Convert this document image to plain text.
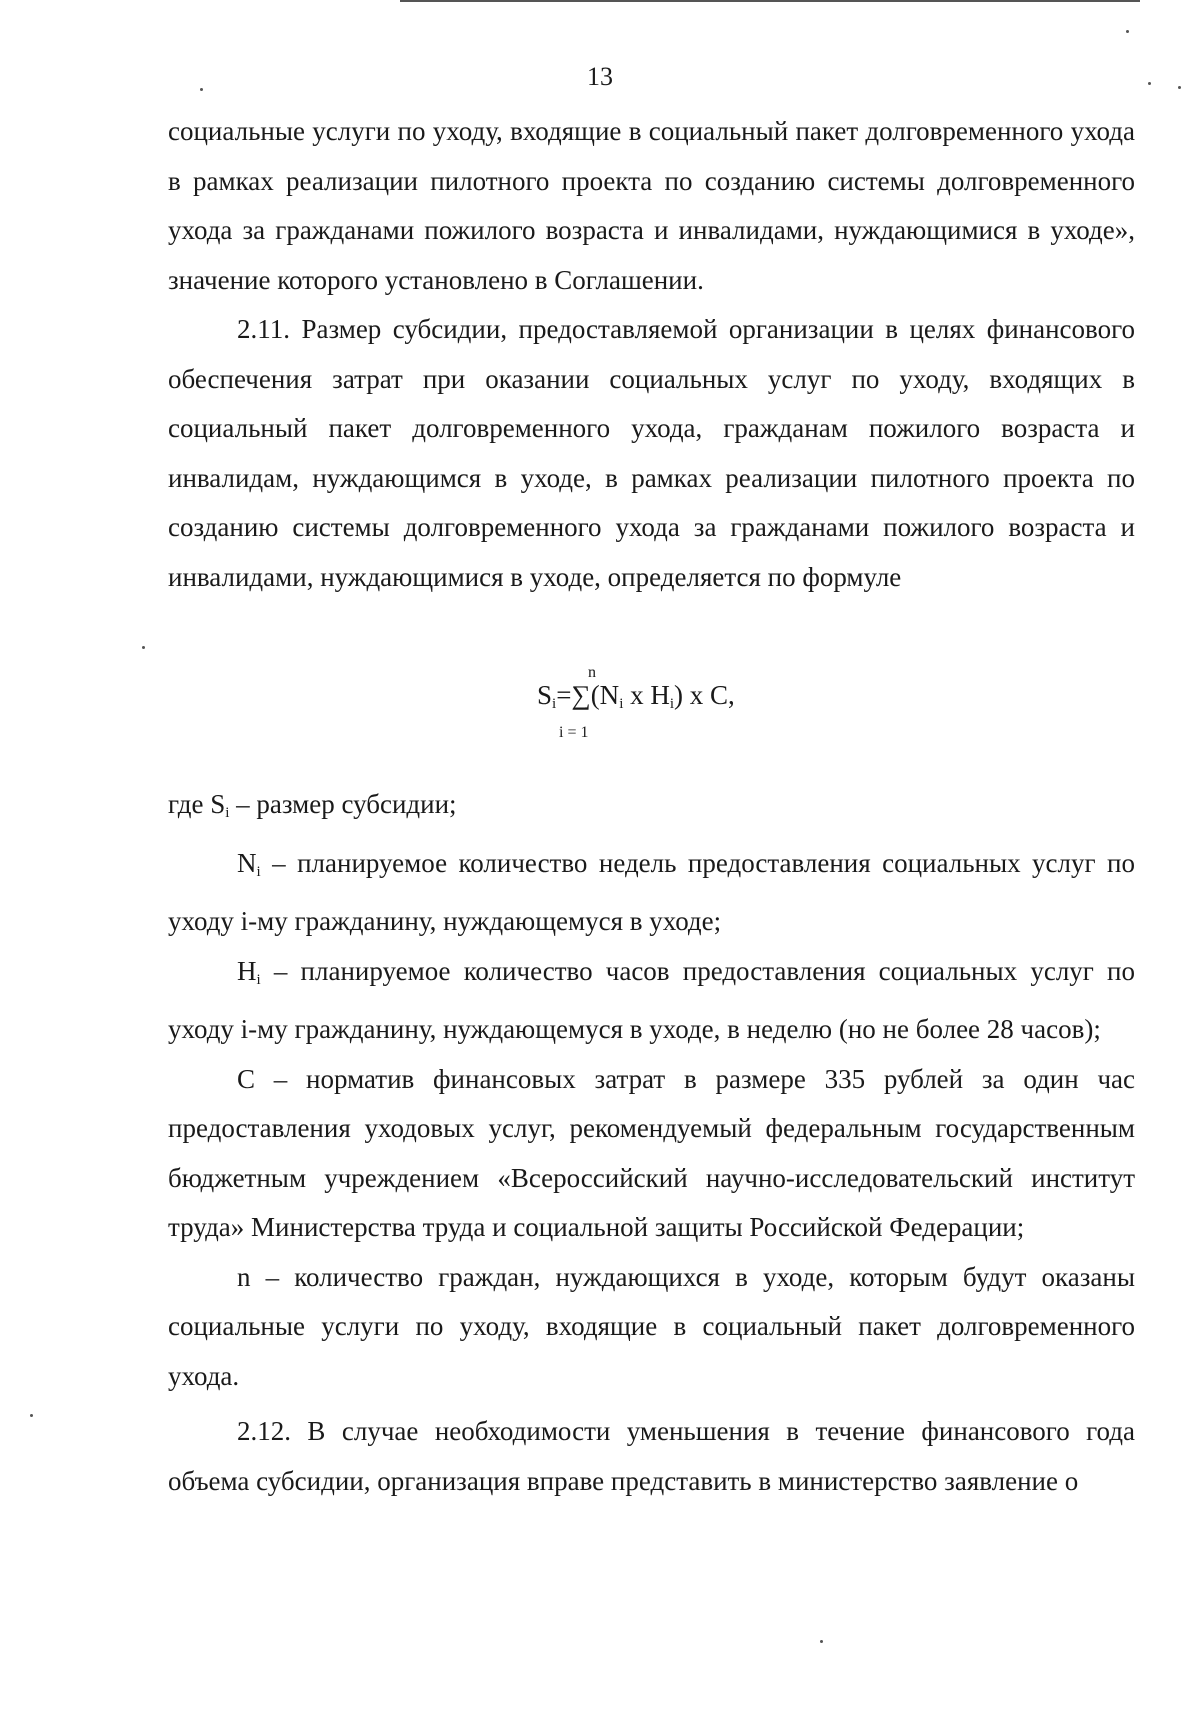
13

социальные услуги по уходу, входящие в социальный пакет долговременного ухода в рамках реализации пилотного проекта по созданию системы долговременного ухода за гражданами пожилого возраста и инвалидами, нуждающимися в уходе», значение которого установлено в Соглашении.

2.11. Размер субсидии, предоставляемой организации в целях финансового обеспечения затрат при оказании социальных услуг по уходу, входящих в социальный пакет долговременного ухода, гражданам пожилого возраста и инвалидам, нуждающимся в уходе, в рамках реализации пилотного проекта по созданию системы долговременного ухода за гражданами пожилого возраста и инвалидами, нуждающимися в уходе, определяется по формуле

n
$S_i=\sum(N_i$ x $H_i$) x C,
i = 1

где $S_i$ – размер субсидии;

$N_i$ – планируемое количество недель предоставления социальных услуг по уходу i-му гражданину, нуждающемуся в уходе;

$H_i$ – планируемое количество часов предоставления социальных услуг по уходу i-му гражданину, нуждающемуся в уходе, в неделю (но не более 28 часов);

С – норматив финансовых затрат в размере 335 рублей за один час предоставления уходовых услуг, рекомендуемый федеральным государственным бюджетным учреждением «Всероссийский научно-исследовательский институт труда» Министерства труда и социальной защиты Российской Федерации;

n – количество граждан, нуждающихся в уходе, которым будут оказаны социальные услуги по уходу, входящие в социальный пакет долговременного ухода.

2.12. В случае необходимости уменьшения в течение финансового года объема субсидии, организация вправе представить в министерство заявление о
